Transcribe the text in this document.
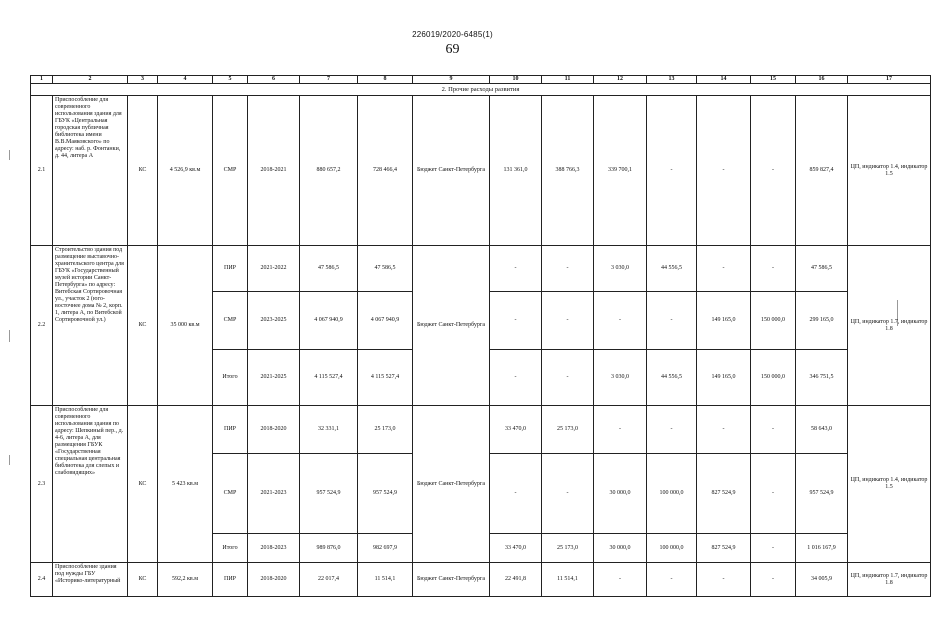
226019/2020-6485(1)
69
1	2	3	4	5	6	7	8	9	10	11	12	13	14	15	16	17
2. Прочие расходы развития																
2.1	Приспособление для современного использования здания для ГБУК «Центральная городская публичная библиотека имени В.В.Маяковского» по адресу: наб. р. Фонтанки, д. 44, литера А	КС	4 526,9 кв.м	СМР	2018-2021	880 657,2	728 466,4	Бюджет Санкт-Петербурга	131 361,0	388 766,3	339 700,1	-	-	-	859 827,4	ЦП, индикатор 1.4, индикатор 1.5
2.2	Строительство здания под размещение выставочно-хранительского центра для ГБУК «Государственный музей истории Санкт-Петербурга» по адресу: Витебская Сортировочная ул., участок 2 (юго-восточнее дома № 2, корп. 1, литера А, по Витебской Сортировочной ул.)	КС	35 000 кв.м	ПИР	2021-2022	47 586,5	47 586,5	Бюджет Санкт-Петербурга	-	-	3 030,0	44 556,5	-	-	47 586,5	ЦП, индикатор 1.7, индикатор 1.8
				СМР	2023-2025	4 067 940,9	4 067 940,9		-	-	-	-	149 165,0	150 000,0	299 165,0	
				Итого	2021-2025	4 115 527,4	4 115 527,4		-	-	3 030,0	44 556,5	149 165,0	150 000,0	346 751,5	
2.3	Приспособление для современного использования здания по адресу: Шепкиный пер., д. 4-6, литера А, для размещения ГБУК «Государственная специальная центральная библиотека для слепых и слабовидящих»	КС	5 423 кв.м	ПИР	2018-2020	32 331,1	25 173,0	Бюджет Санкт-Петербурга	33 470,0	25 173,0	-	-	-	-	58 643,0	ЦП, индикатор 1.4, индикатор 1.5
				СМР	2021-2023	957 524,9	957 524,9		-	-	30 000,0	100 000,0	827 524,9	-	957 524,9	
				Итого	2018-2023	989 876,0	982 697,9		33 470,0	25 173,0	30 000,0	100 000,0	827 524,9	-	1 016 167,9	
2.4	Приспособление здания под нужды ГБУ «Историко-литературный	КС	592,2 кв.м	ПИР	2018-2020	22 017,4	11 514,1	Бюджет Санкт-Петербурга	22 491,8	11 514,1	-	-	-	-	34 005,9	ЦП, индикатор 1.7, индикатор 1.8
